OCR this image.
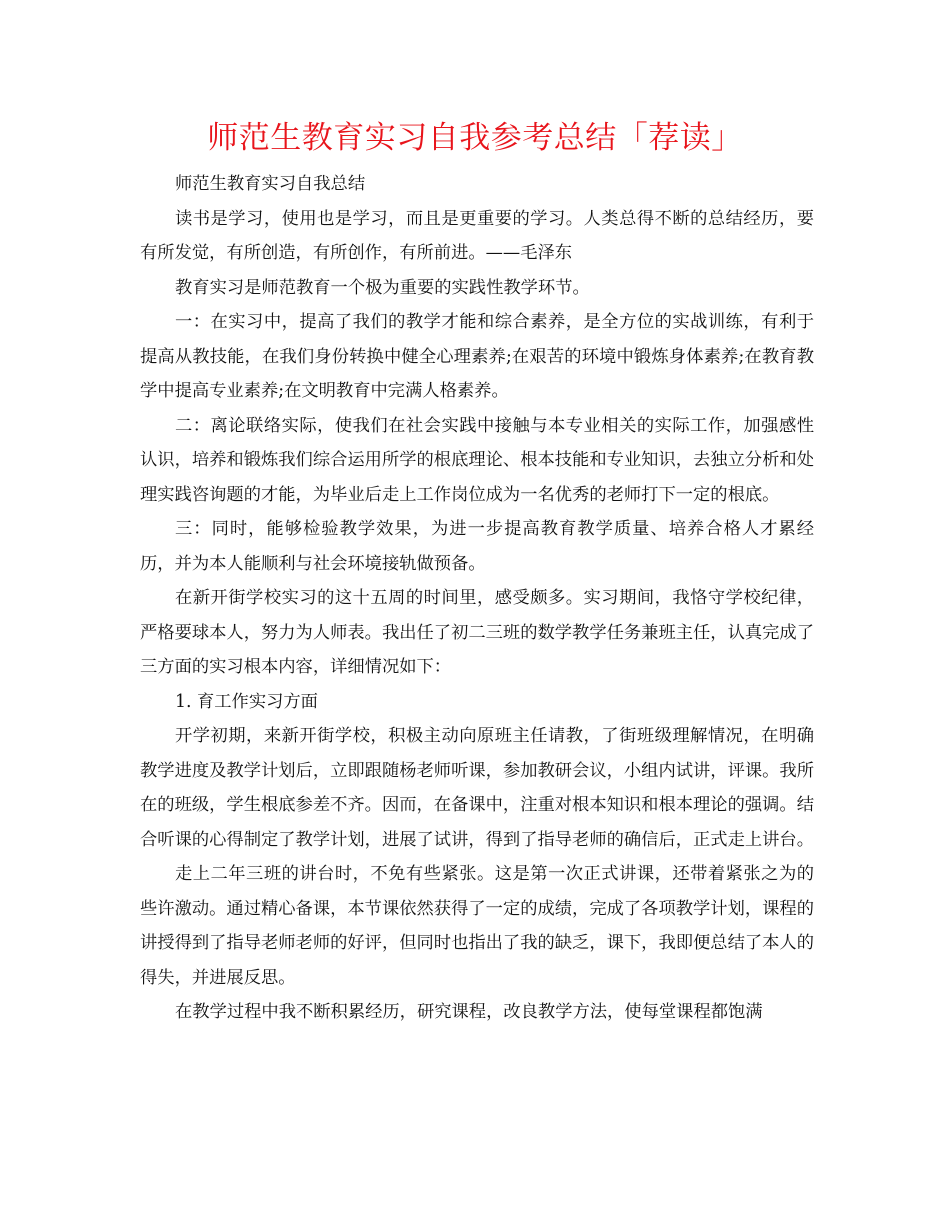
师范生教育实习自我参考总结「荐读」

师范生教育实习自我总结

读书是学习，使用也是学习，而且是更重要的学习。人类总得不断的总结经历，要有所发觉，有所创造，有所创作，有所前进。——毛泽东

教育实习是师范教育一个极为重要的实践性教学环节。

一：在实习中，提高了我们的教学才能和综合素养，是全方位的实战训练，有利于提高从教技能，在我们身份转换中健全心理素养;在艰苦的环境中锻炼身体素养;在教育教学中提高专业素养;在文明教育中完满人格素养。

二：离论联络实际，使我们在社会实践中接触与本专业相关的实际工作，加强感性认识，培养和锻炼我们综合运用所学的根底理论、根本技能和专业知识，去独立分析和处理实践咨询题的才能，为毕业后走上工作岗位成为一名优秀的老师打下一定的根底。

三：同时，能够检验教学效果，为进一步提高教育教学质量、培养合格人才累经历，并为本人能顺利与社会环境接轨做预备。

在新开街学校实习的这十五周的时间里，感受颇多。实习期间，我恪守学校纪律，严格要球本人，努力为人师表。我出任了初二三班的数学教学任务兼班主任，认真完成了三方面的实习根本内容，详细情况如下：

1. 育工作实习方面

开学初期，来新开街学校，积极主动向原班主任请教，了街班级理解情况，在明确教学进度及教学计划后，立即跟随杨老师听课，参加教研会议，小组内试讲，评课。我所在的班级，学生根底参差不齐。因而，在备课中，注重对根本知识和根本理论的强调。结合听课的心得制定了教学计划，进展了试讲，得到了指导老师的确信后，正式走上讲台。

走上二年三班的讲台时，不免有些紧张。这是第一次正式讲课，还带着紧张之为的些许激动。通过精心备课，本节课依然获得了一定的成绩，完成了各项教学计划，课程的讲授得到了指导老师老师的好评，但同时也指出了我的缺乏，课下，我即便总结了本人的得失，并进展反思。

在教学过程中我不断积累经历，研究课程，改良教学方法，使每堂课程都饱满
